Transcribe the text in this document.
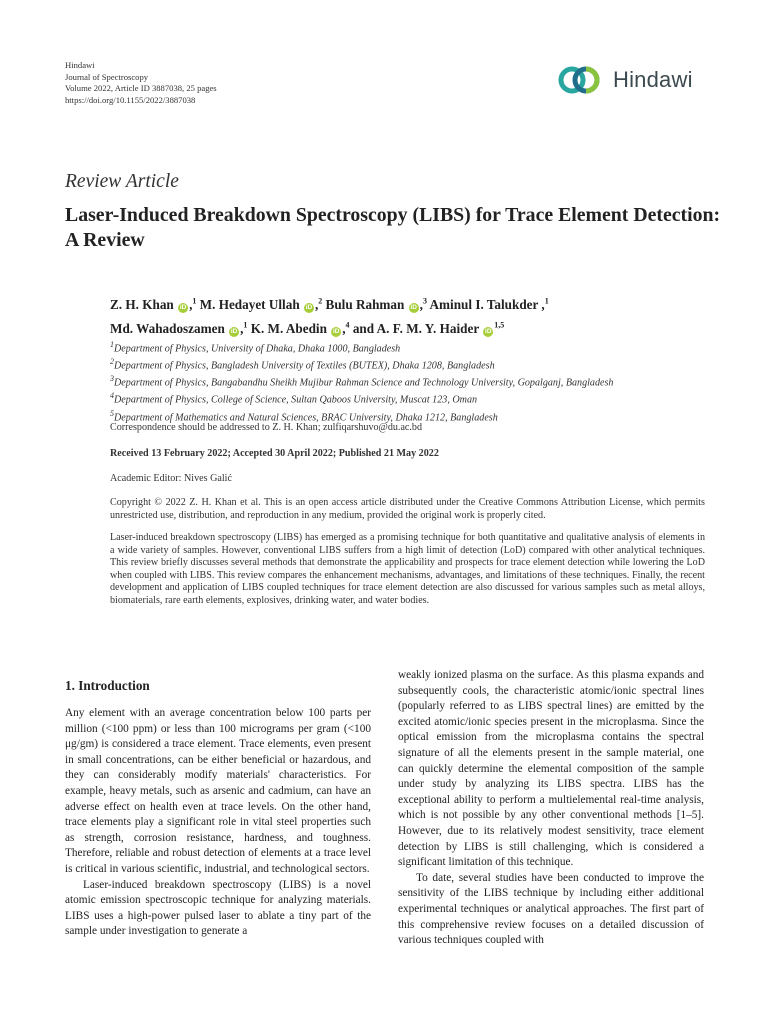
Hindawi
Journal of Spectroscopy
Volume 2022, Article ID 3887038, 25 pages
https://doi.org/10.1155/2022/3887038
Hindawi
Review Article
Laser-Induced Breakdown Spectroscopy (LIBS) for Trace Element Detection: A Review
Z. H. Khan iD ,$^1$ M. Hedayet Ullah iD ,$^2$ Bulu Rahman iD ,$^3$ Aminul I. Talukder ,$^1$
Md. Wahadoszamen iD ,$^1$ K. M. Abedin iD ,$^4$ and A. F. M. Y. Haider iD$^{1,5}$
$^1$Department of Physics, University of Dhaka, Dhaka 1000, Bangladesh
$^2$Department of Physics, Bangladesh University of Textiles (BUTEX), Dhaka 1208, Bangladesh
$^3$Department of Physics, Bangabandhu Sheikh Mujibur Rahman Science and Technology University, Gopalganj, Bangladesh
$^4$Department of Physics, College of Science, Sultan Qaboos University, Muscat 123, Oman
$^5$Department of Mathematics and Natural Sciences, BRAC University, Dhaka 1212, Bangladesh
Correspondence should be addressed to Z. H. Khan; zulfiqarshuvo@du.ac.bd
Received 13 February 2022; Accepted 30 April 2022; Published 21 May 2022
Academic Editor: Nives Galić
Copyright © 2022 Z. H. Khan et al. This is an open access article distributed under the Creative Commons Attribution License, which permits unrestricted use, distribution, and reproduction in any medium, provided the original work is properly cited.
Laser-induced breakdown spectroscopy (LIBS) has emerged as a promising technique for both quantitative and qualitative analysis of elements in a wide variety of samples. However, conventional LIBS suffers from a high limit of detection (LoD) compared with other analytical techniques. This review briefly discusses several methods that demonstrate the applicability and prospects for trace element detection while lowering the LoD when coupled with LIBS. This review compares the enhancement mechanisms, advantages, and limitations of these techniques. Finally, the recent development and application of LIBS coupled techniques for trace element detection are also discussed for various samples such as metal alloys, biomaterials, rare earth elements, explosives, drinking water, and water bodies.
1. Introduction

Any element with an average concentration below 100 parts per million (<100 ppm) or less than 100 micrograms per gram (<100 μg/gm) is considered a trace element. Trace elements, even present in small concentrations, can be either beneficial or hazardous, and they can considerably modify materials' characteristics. For example, heavy metals, such as arsenic and cadmium, can have an adverse effect on health even at trace levels. On the other hand, trace elements play a significant role in vital steel properties such as strength, corrosion resistance, hardness, and toughness. Therefore, reliable and robust detection of elements at a trace level is critical in various scientific, industrial, and technological sectors.

Laser-induced breakdown spectroscopy (LIBS) is a novel atomic emission spectroscopic technique for analyzing materials. LIBS uses a high-power pulsed laser to ablate a tiny part of the sample under investigation to generate a

weakly ionized plasma on the surface. As this plasma expands and subsequently cools, the characteristic atomic/ionic spectral lines (popularly referred to as LIBS spectral lines) are emitted by the excited atomic/ionic species present in the microplasma. Since the optical emission from the microplasma contains the spectral signature of all the elements present in the sample material, one can quickly determine the elemental composition of the sample under study by analyzing its LIBS spectra. LIBS has the exceptional ability to perform a multielemental real-time analysis, which is not possible by any other conventional methods [1–5]. However, due to its relatively modest sensitivity, trace element detection by LIBS is still challenging, which is considered a significant limitation of this technique.

To date, several studies have been conducted to improve the sensitivity of the LIBS technique by including either additional experimental techniques or analytical approaches. The first part of this comprehensive review focuses on a detailed discussion of various techniques coupled with
